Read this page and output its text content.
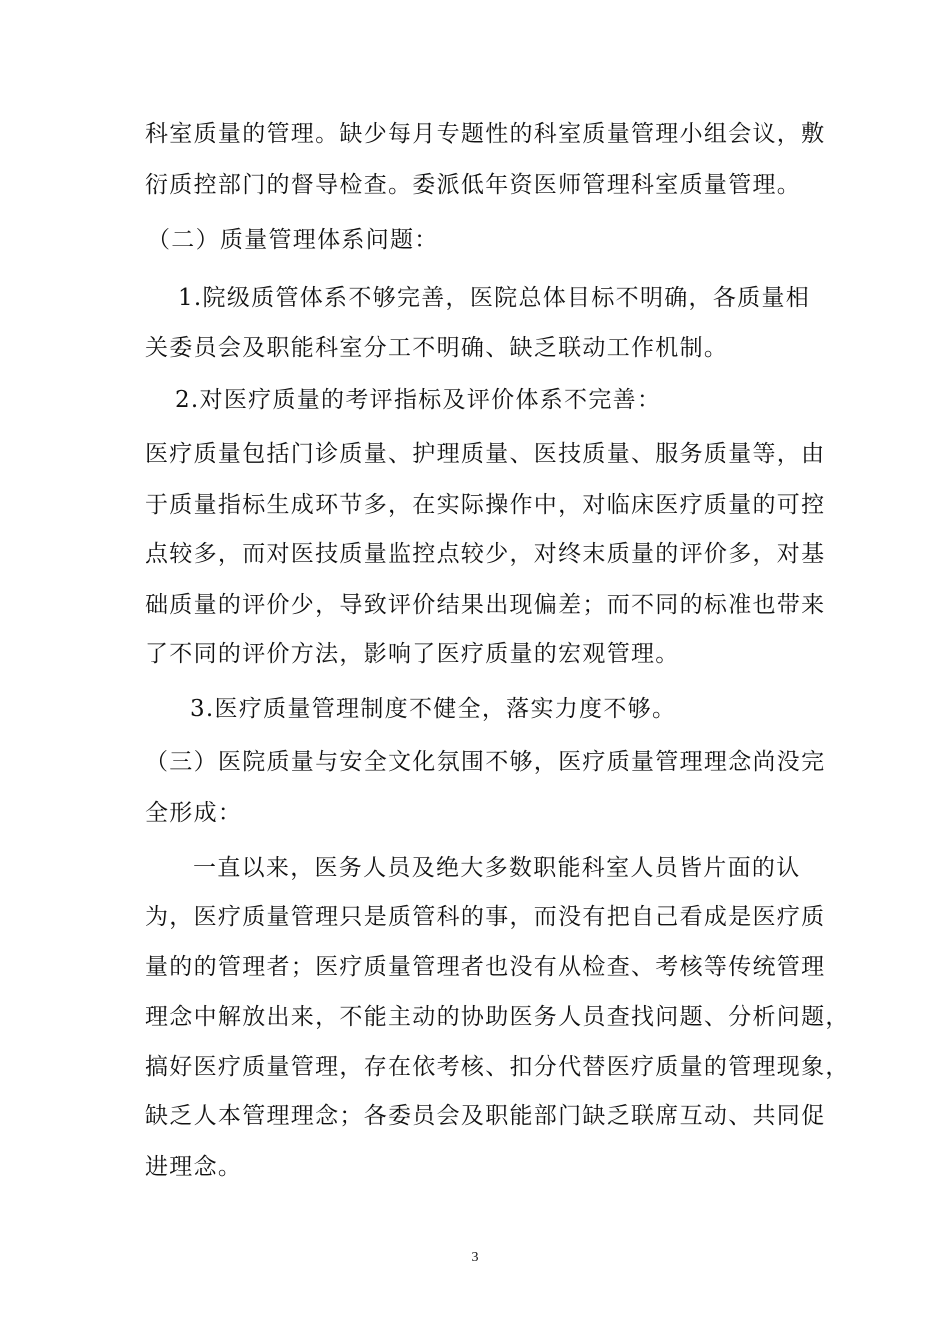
科室质量的管理。缺少每月专题性的科室质量管理小组会议，敷

衍质控部门的督导检查。委派低年资医师管理科室质量管理。

（二）质量管理体系问题：

1.院级质管体系不够完善，医院总体目标不明确，各质量相

关委员会及职能科室分工不明确、缺乏联动工作机制。

2.对医疗质量的考评指标及评价体系不完善：

医疗质量包括门诊质量、护理质量、医技质量、服务质量等，由

于质量指标生成环节多，在实际操作中，对临床医疗质量的可控

点较多，而对医技质量监控点较少，对终末质量的评价多，对基

础质量的评价少，导致评价结果出现偏差；而不同的标准也带来

了不同的评价方法，影响了医疗质量的宏观管理。

3.医疗质量管理制度不健全，落实力度不够。

（三）医院质量与安全文化氛围不够，医疗质量管理理念尚没完

全形成：

一直以来，医务人员及绝大多数职能科室人员皆片面的认

为，医疗质量管理只是质管科的事，而没有把自己看成是医疗质

量的的管理者；医疗质量管理者也没有从检查、考核等传统管理

理念中解放出来，不能主动的协助医务人员查找问题、分析问题，

搞好医疗质量管理，存在依考核、扣分代替医疗质量的管理现象，

缺乏人本管理理念；各委员会及职能部门缺乏联席互动、共同促

进理念。

3
